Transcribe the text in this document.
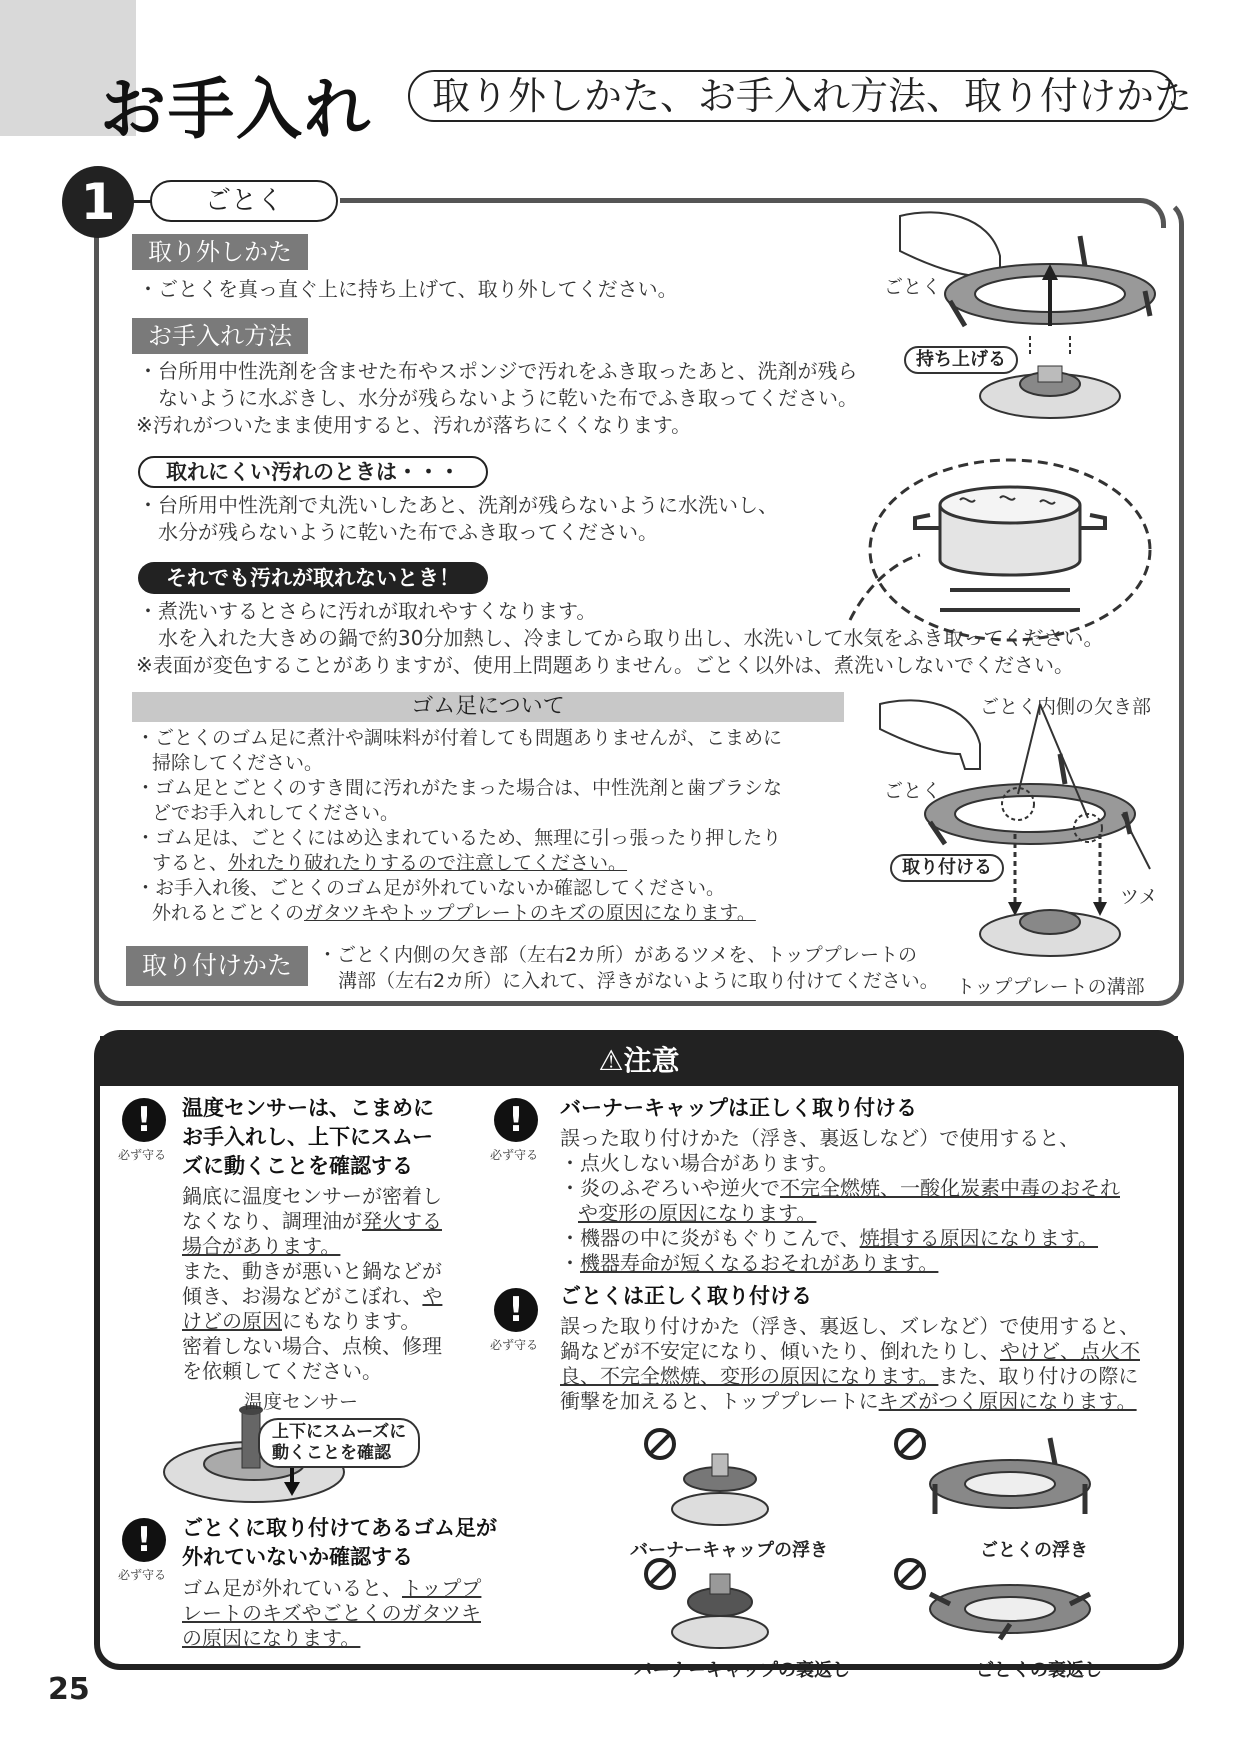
お手入れ	取り外しかた、お手入れ方法、取り付けかた
1	ごとく
取り外しかた
・ごとくを真っ直ぐ上に持ち上げて、取り外してください。
お手入れ方法
・台所用中性洗剤を含ませた布やスポンジで汚れをふき取ったあと、洗剤が残ら
ないように水ぶきし、水分が残らないように乾いた布でふき取ってください。
※汚れがついたまま使用すると、汚れが落ちにくくなります。
取れにくい汚れのときは・・・
・台所用中性洗剤で丸洗いしたあと、洗剤が残らないように水洗いし、
水分が残らないように乾いた布でふき取ってください。
それでも汚れが取れないとき！
・煮洗いするとさらに汚れが取れやすくなります。
水を入れた大きめの鍋で約30分加熱し、冷ましてから取り出し、水洗いして水気をふき取ってください。
※表面が変色することがありますが、使用上問題ありません。ごとく以外は、煮洗いしないでください。
ゴム足について
・ごとくのゴム足に煮汁や調味料が付着しても問題ありませんが、こまめに
掃除してください。
・ゴム足とごとくのすき間に汚れがたまった場合は、中性洗剤と歯ブラシな
どでお手入れしてください。
・ゴム足は、ごとくにはめ込まれているため、無理に引っ張ったり押したり
すると、外れたり破れたりするので注意してください。
・お手入れ後、ごとくのゴム足が外れていないか確認してください。
外れるとごとくのガタツキやトッププレートのキズの原因になります。
取り付けかた	・ごとく内側の欠き部（左右2カ所）があるツメを、トッププレートの
溝部（左右2カ所）に入れて、浮きがないように取り付けてください。
ごとく
持ち上げる
ごとく内側の欠き部
ごとく
取り付ける
ツメ
トッププレートの溝部
⚠注意
!
必ず守る
温度センサーは、こまめに
お手入れし、上下にスムー
ズに動くことを確認する
鍋底に温度センサーが密着し
なくなり、調理油が発火する
場合があります。
また、動きが悪いと鍋などが
傾き、お湯などがこぼれ、や
けどの原因にもなります。
密着しない場合、点検、修理
を依頼してください。
温度センサー
上下にスムーズに
動くことを確認
!
必ず守る
ごとくに取り付けてあるゴム足が
外れていないか確認する
ゴム足が外れていると、トッププ
レートのキズやごとくのガタツキ
の原因になります。
!
必ず守る
バーナーキャップは正しく取り付ける
誤った取り付けかた（浮き、裏返しなど）で使用すると、
・点火しない場合があります。
・炎のふぞろいや逆火で不完全燃焼、一酸化炭素中毒のおそれ
や変形の原因になります。
・機器の中に炎がもぐりこんで、焼損する原因になります。
・機器寿命が短くなるおそれがあります。
!
必ず守る
ごとくは正しく取り付ける
誤った取り付けかた（浮き、裏返し、ズレなど）で使用すると、
鍋などが不安定になり、傾いたり、倒れたりし、やけど、点火不
良、不完全燃焼、変形の原因になります。また、取り付けの際に
衝撃を加えると、トッププレートにキズがつく原因になります。
バーナーキャップの浮き	ごとくの浮き
バーナーキャップの裏返し	ごとくの裏返し
25
